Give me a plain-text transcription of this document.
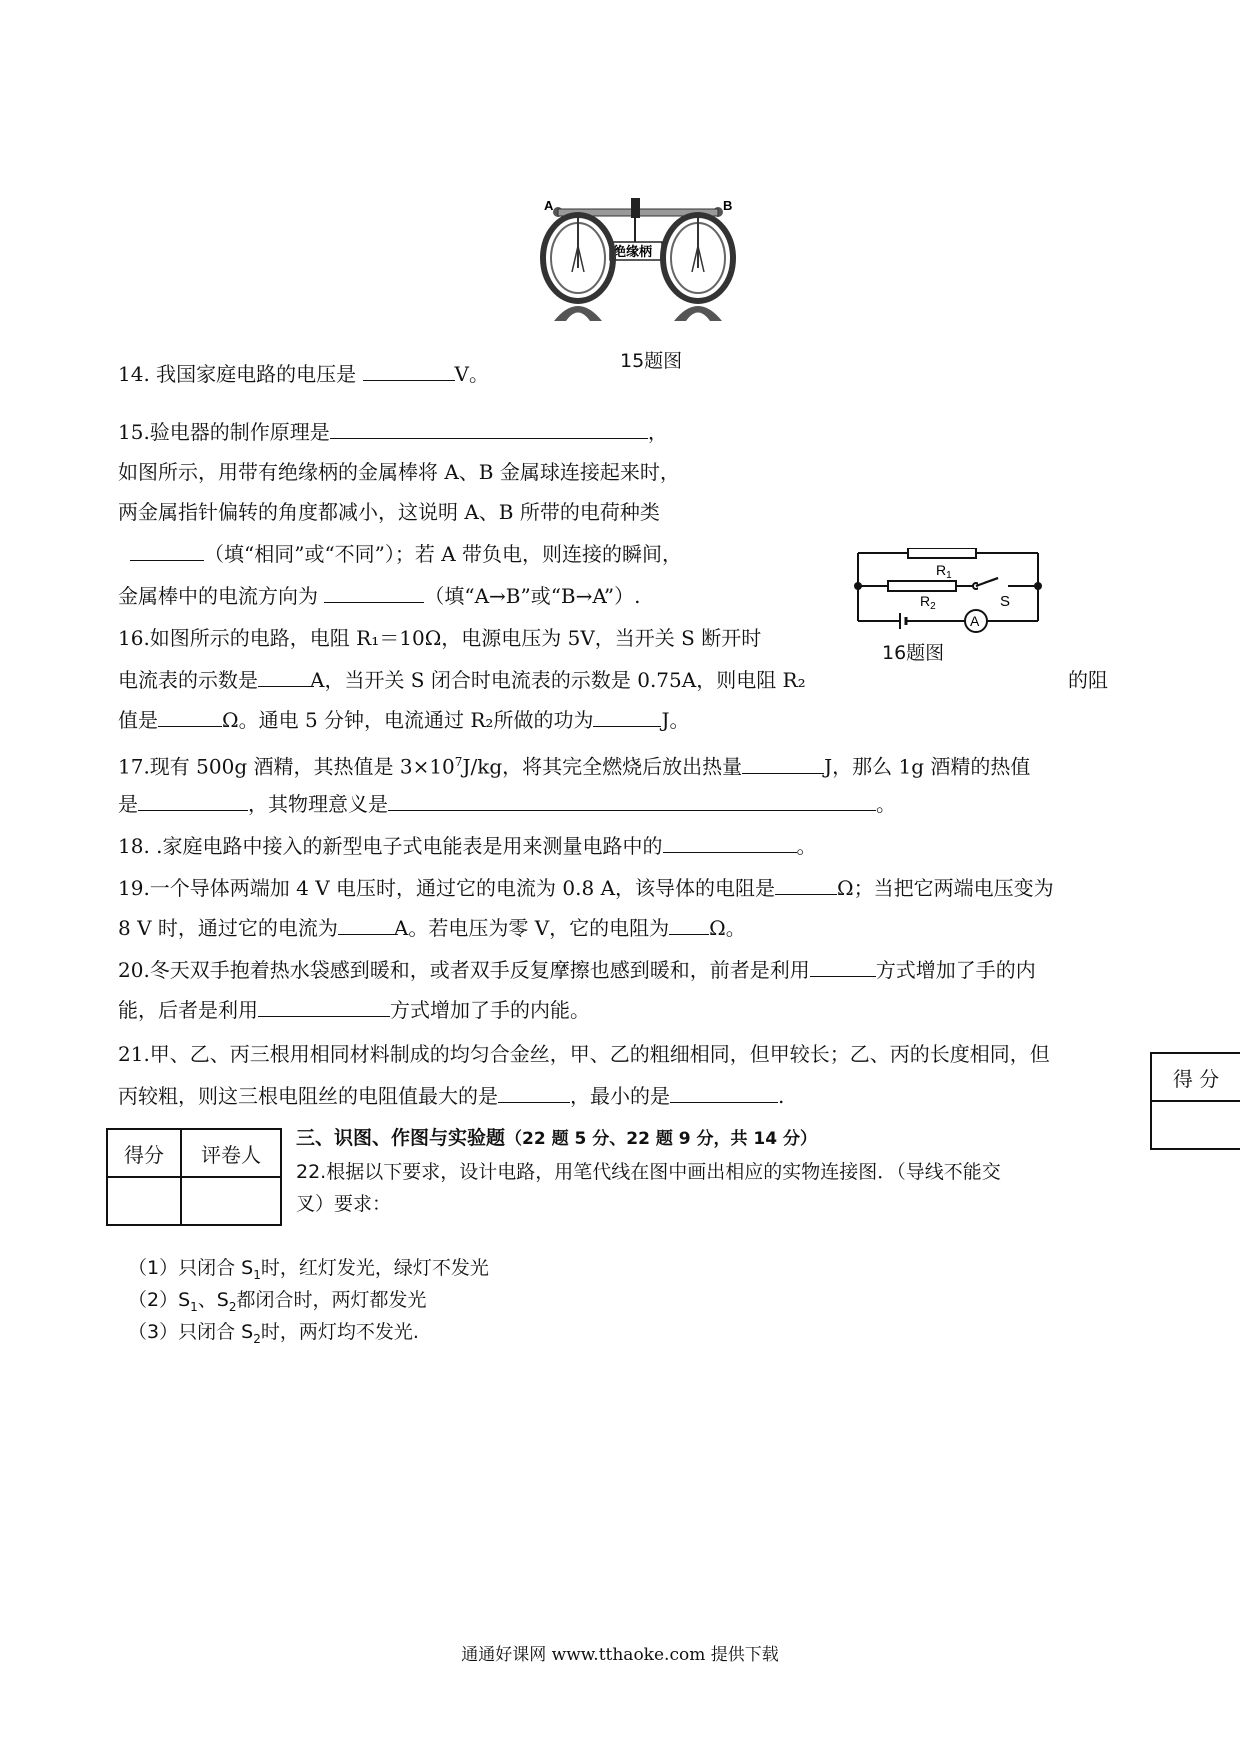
A	B
绝缘柄
15题图
14. 我国家庭电路的电压是	V。
15.验电器的制作原理是	，
如图所示，用带有绝缘柄的金属棒将 A、B 金属球连接起来时，
两金属指针偏转的角度都减小，这说明 A、B 所带的电荷种类
（填“相同”或“不同”）；若 A 带负电，则连接的瞬间，
金属棒中的电流方向为	（填“A→B”或“B→A”）.
A
$R_1$
$R_2$	S
16题图
16.如图所示的电路，电阻 R₁＝10Ω，电源电压为 5V，当开关 S 断开时
电流表的示数是	A，当开关 S 闭合时电流表的示数是 0.75A，则电阻 R₂	的阻
值是	Ω。通电 5 分钟，电流通过 R₂所做的功为	J。
17.现有 500g 酒精，其热值是 $3\times 10^7J/kg$，将其完全燃烧后放出热量	J，那么 1g 酒精的热值
是	，其物理意义是	。
18. .家庭电路中接入的新型电子式电能表是用来测量电路中的	。
19.一个导体两端加 4 V 电压时，通过它的电流为 0.8 A，该导体的电阻是	Ω；当把它两端电压变为
8 V 时，通过它的电流为	A。若电压为零 V，它的电阻为 Ω。
20.冬天双手抱着热水袋感到暖和，或者双手反复摩擦也感到暖和，前者是利用	方式增加了手的内
能，后者是利用	方式增加了手的内能。
21.甲、乙、丙三根用相同材料制成的均匀合金丝，甲、乙的粗细相同，但甲较长；乙、丙的长度相同，但
丙较粗，则这三根电阻丝的电阻值最大的是	，最小的是	.
得 分

得分	评卷人

三、识图、作图与实验题（22 题 5 分、22 题 9 分，共 14 分）
22.根据以下要求，设计电路，用笔代线在图中画出相应的实物连接图．（导线不能交
叉）要求：
（1）只闭合 $S_1$时，红灯发光，绿灯不发光
$(2)S_1$、$S_2$都闭合时，两灯都发光
（3）只闭合 $S_2$时，两灯均不发光.
通通好课网 www.tthaoke.com 提供下载
